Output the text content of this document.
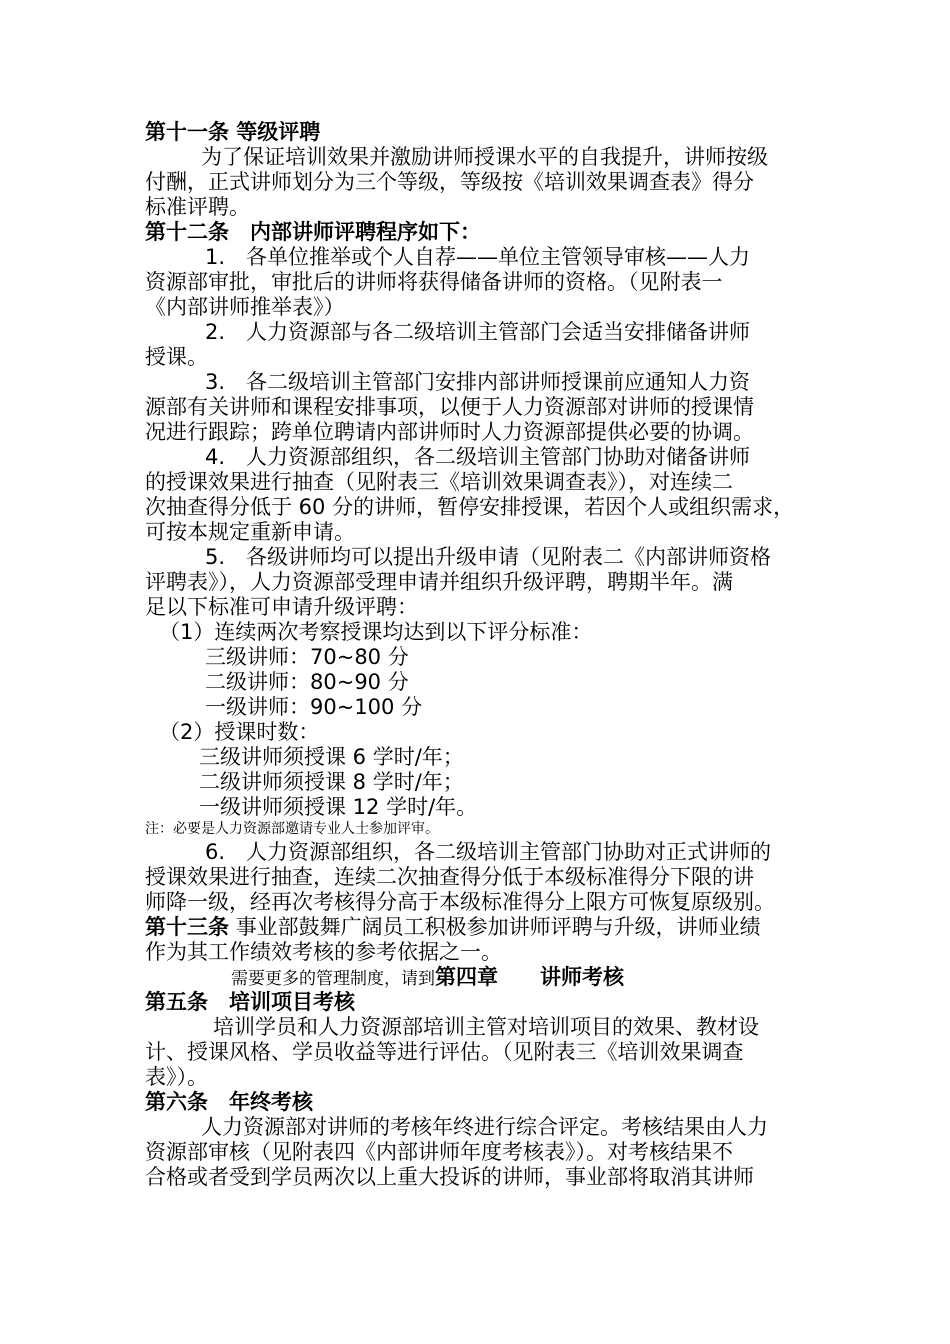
第十一条 等级评聘
为了保证培训效果并激励讲师授课水平的自我提升，讲师按级
付酬，正式讲师划分为三个等级，等级按《培训效果调查表》得分
标准评聘。
第十二条　内部讲师评聘程序如下：
1.　各单位推举或个人自荐——单位主管领导审核——人力
资源部审批，审批后的讲师将获得储备讲师的资格。（见附表一
《内部讲师推举表》）
2.　人力资源部与各二级培训主管部门会适当安排储备讲师
授课。
3.　各二级培训主管部门安排内部讲师授课前应通知人力资
源部有关讲师和课程安排事项，以便于人力资源部对讲师的授课情
况进行跟踪；跨单位聘请内部讲师时人力资源部提供必要的协调。
4.　人力资源部组织，各二级培训主管部门协助对储备讲师
的授课效果进行抽查（见附表三《培训效果调查表》），对连续二
次抽查得分低于 60 分的讲师，暂停安排授课，若因个人或组织需求，
可按本规定重新申请。
5.　各级讲师均可以提出升级申请（见附表二《内部讲师资格
评聘表》），人力资源部受理申请并组织升级评聘，聘期半年。满
足以下标准可申请升级评聘：
（1）连续两次考察授课均达到以下评分标准：
三级讲师：70~80 分
二级讲师：80~90 分
一级讲师：90~100 分
（2）授课时数：
三级讲师须授课 6 学时/年；
二级讲师须授课 8 学时/年；
一级讲师须授课 12 学时/年。
注：必要是人力资源部邀请专业人士参加评审。
6.　人力资源部组织，各二级培训主管部门协助对正式讲师的
授课效果进行抽查，连续二次抽查得分低于本级标准得分下限的讲
师降一级，经再次考核得分高于本级标准得分上限方可恢复原级别。
第十三条 事业部鼓舞广阔员工积极参加讲师评聘与升级，讲师业绩
作为其工作绩效考核的参考依据之一。
需要更多的管理制度，请到第四章　　讲师考核
第五条　培训项目考核
培训学员和人力资源部培训主管对培训项目的效果、教材设
计、授课风格、学员收益等进行评估。（见附表三《培训效果调查
表》）。
第六条　年终考核
人力资源部对讲师的考核年终进行综合评定。考核结果由人力
资源部审核（见附表四《内部讲师年度考核表》）。对考核结果不
合格或者受到学员两次以上重大投诉的讲师，事业部将取消其讲师
